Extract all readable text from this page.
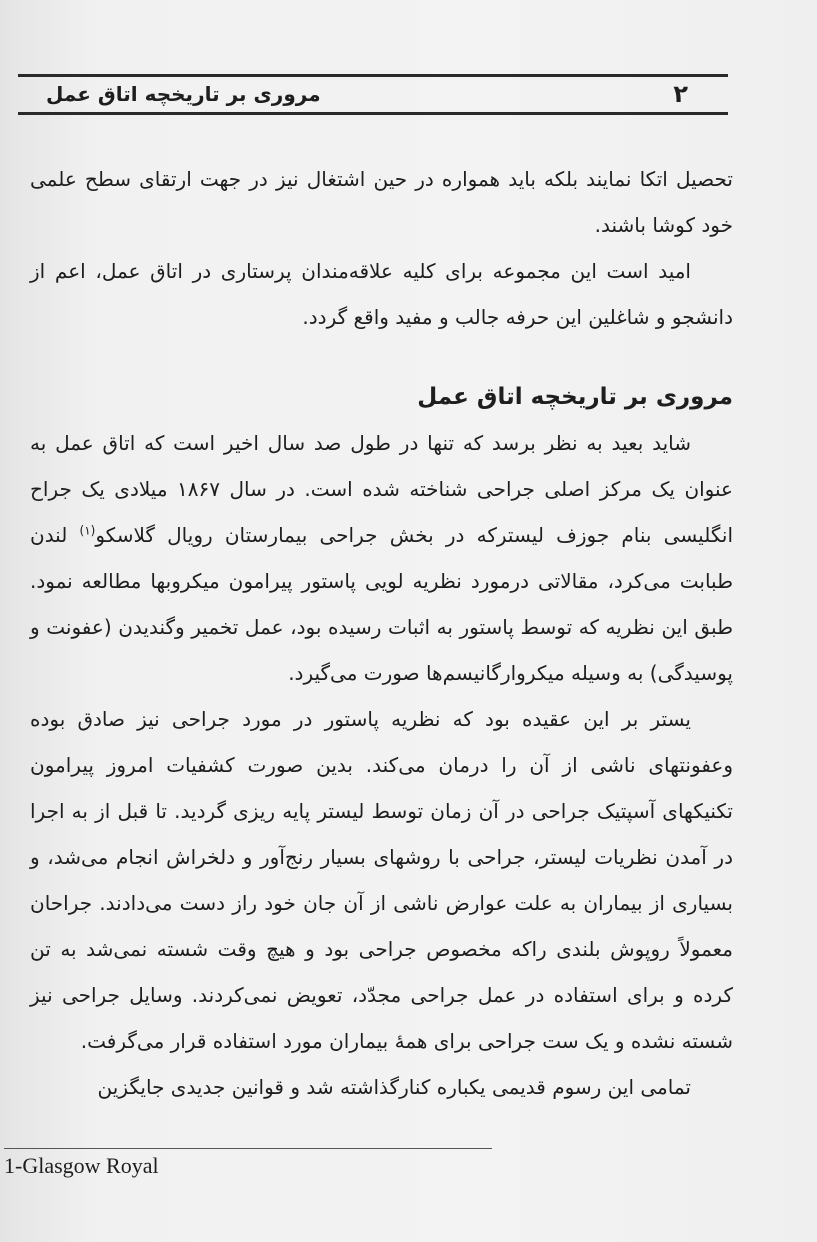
مروری بر تاریخچه اتاق عمل	۲

تحصیل اتکا نمایند بلکه باید همواره در حین اشتغال نیز در جهت ارتقای سطح علمی خود کوشا باشند.

امید است این مجموعه برای کلیه علاقه‌مندان پرستاری در اتاق عمل، اعم از دانشجو و شاغلین این حرفه جالب و مفید واقع گردد.

مروری بر تاریخچه اتاق عمل

شاید بعید به نظر برسد که تنها در طول صد سال اخیر است که اتاق عمل به عنوان یک مرکز اصلی جراحی شناخته شده است. در سال ۱۸۶۷ میلادی یک جراح انگلیسی بنام جوزف لیسترکه در بخش جراحی بیمارستان رویال گلاسکو$^{(۱)}$ لندن طبابت می‌کرد، مقالاتی درمورد نظریه لویی پاستور پیرامون میکروبها مطالعه نمود. طبق این نظریه که توسط پاستور به اثبات رسیده بود، عمل تخمیر وگندیدن (عفونت و پوسیدگی) به وسیله میکروارگانیسم‌ها صورت می‌گیرد.

یستر بر این عقیده بود که نظریه پاستور در مورد جراحی نیز صادق بوده وعفونتهای ناشی از آن را درمان می‌کند. بدین صورت کشفیات امروز پیرامون تکنیکهای آسپتیک جراحی در آن زمان توسط لیستر پایه ریزی گردید. تا قبل از به اجرا در آمدن نظریات لیستر، جراحی با روشهای بسیار رنج‌آور و دلخراش انجام می‌شد، و بسیاری از بیماران به علت عوارض ناشی از آن جان خود راز دست می‌دادند. جراحان معمولاً روپوش بلندی راکه مخصوص جراحی بود و هیچ وقت شسته نمی‌شد به تن کرده و برای استفاده در عمل جراحی مجدّد، تعویض نمی‌کردند. وسایل جراحی نیز شسته نشده و یک ست جراحی برای همهٔ بیماران مورد استفاده قرار می‌گرفت.

تمامی این رسوم قدیمی یکباره کنارگذاشته شد و قوانین جدیدی جایگزین

1-Glasgow Royal
